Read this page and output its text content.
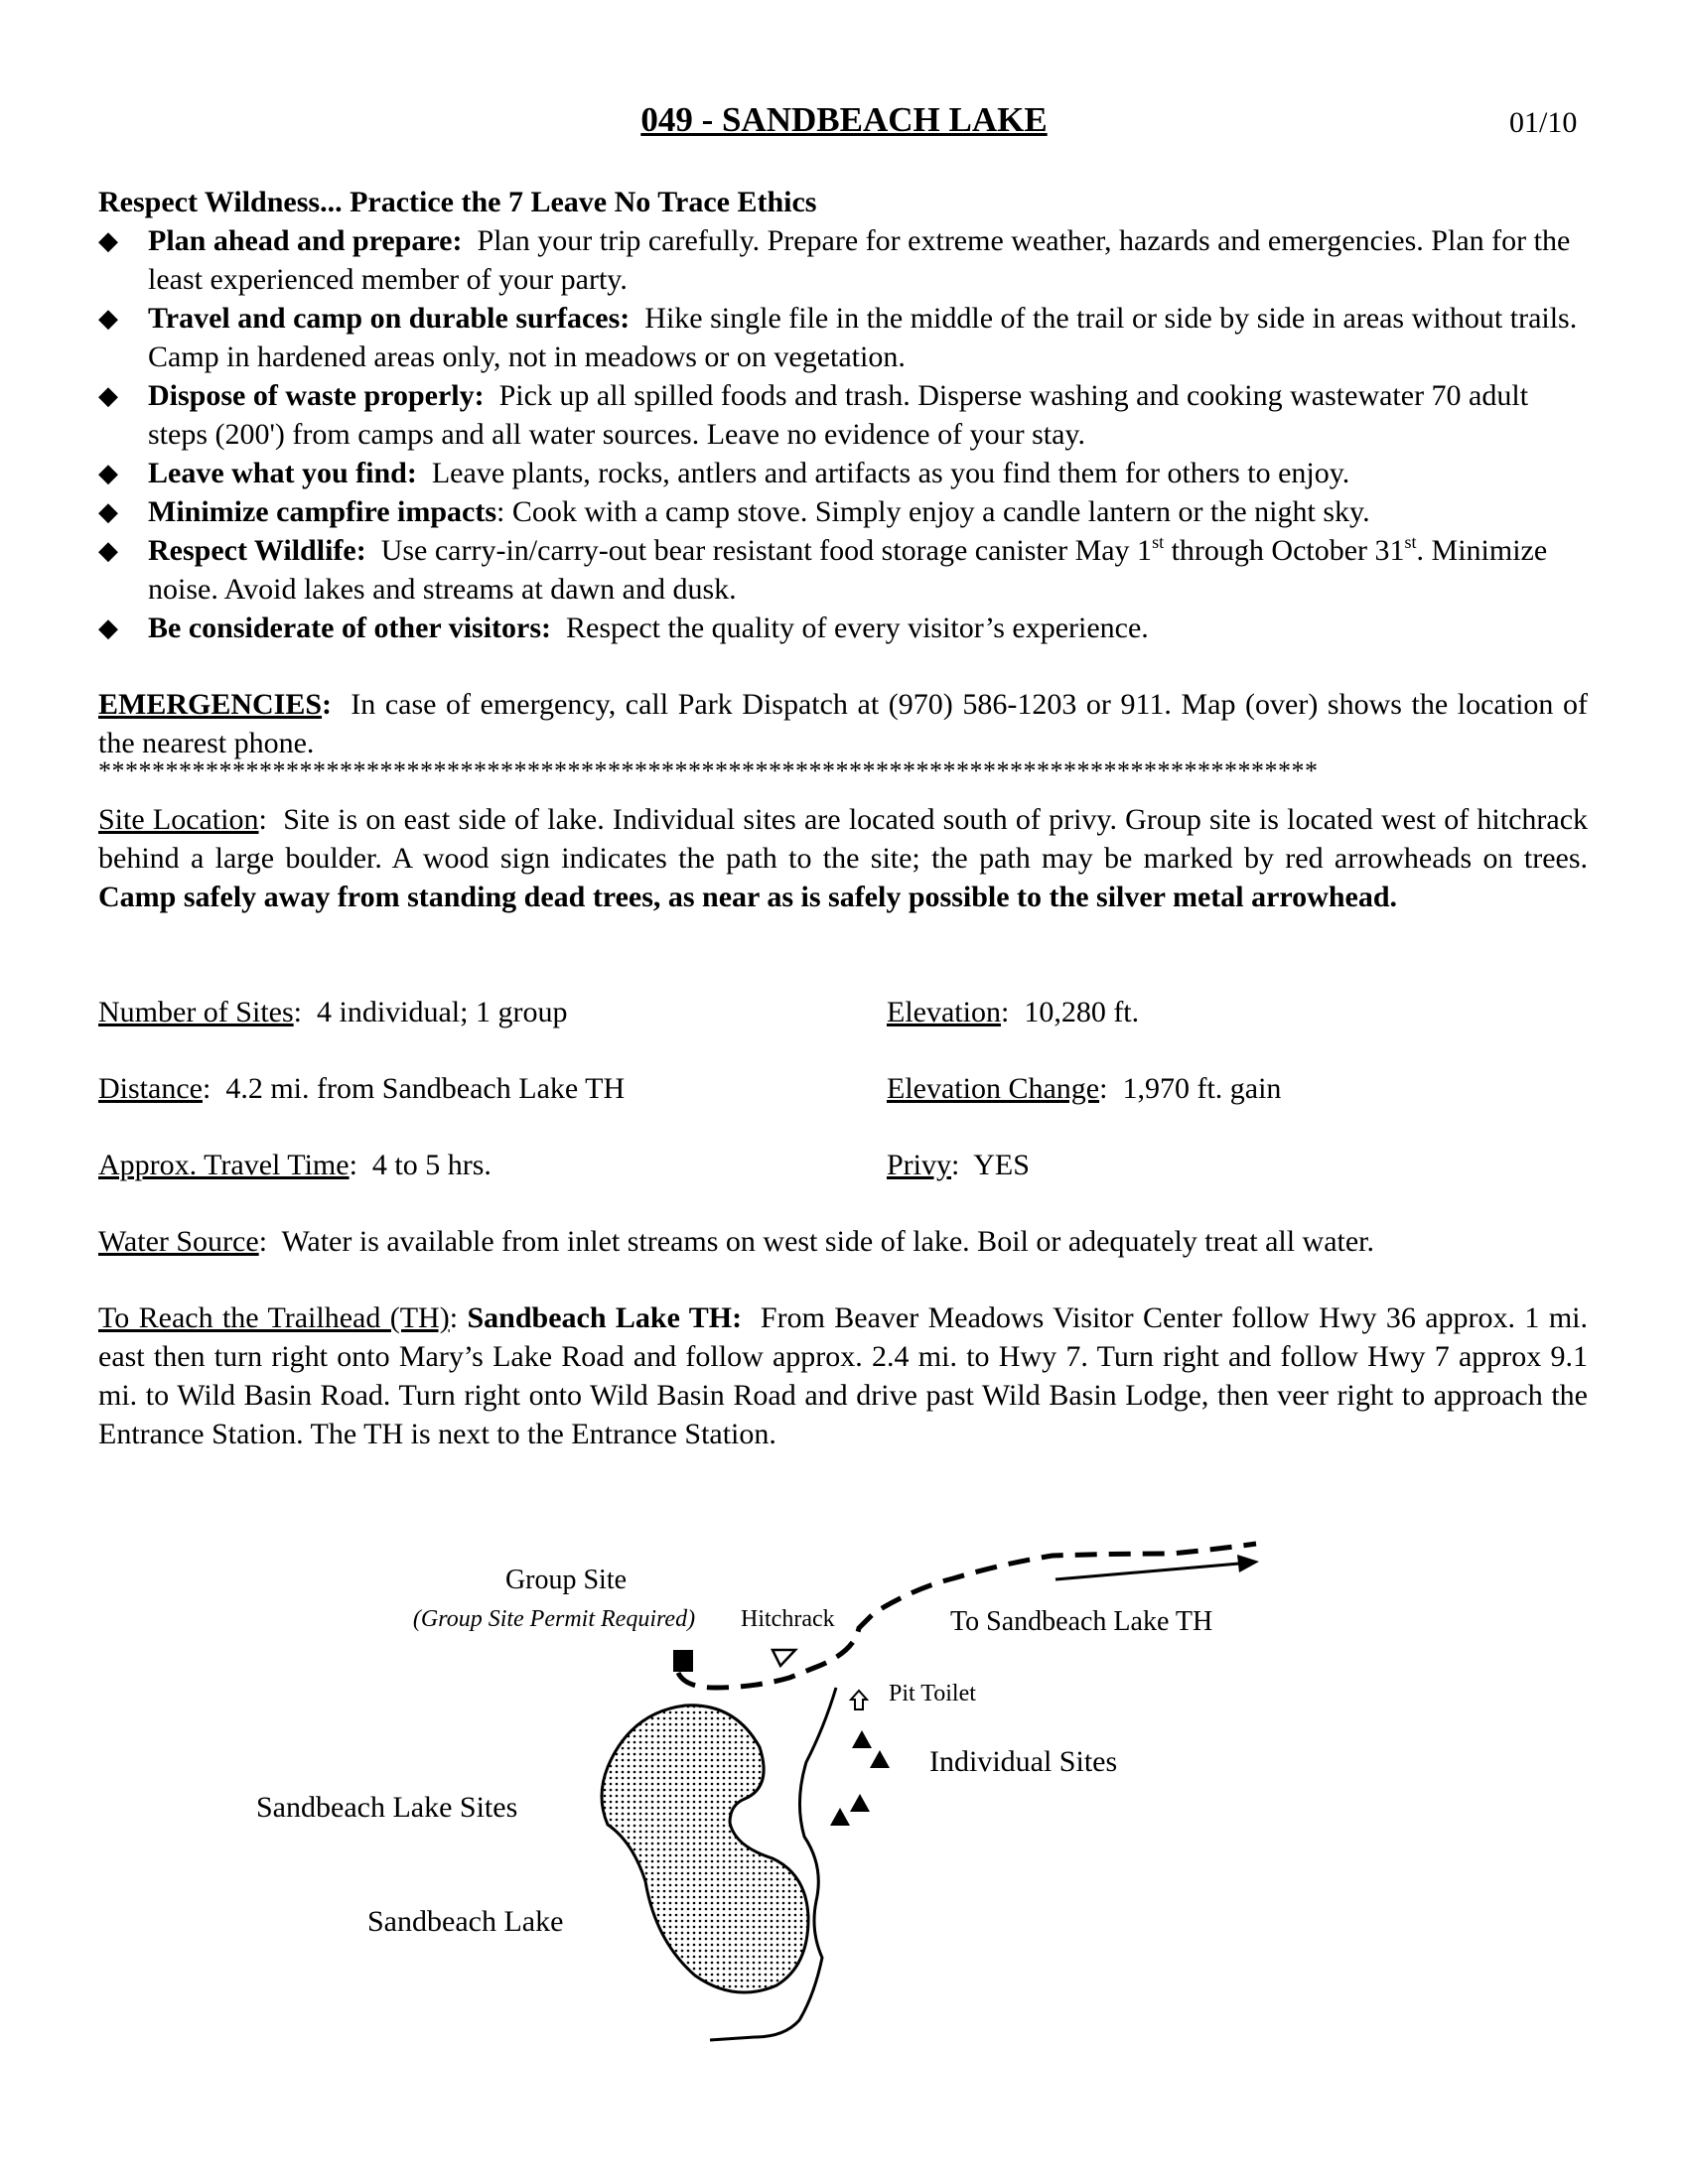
049 - SANDBEACH LAKE	01/10
Respect Wildness... Practice the 7 Leave No Trace Ethics
◆ Plan ahead and prepare: Plan your trip carefully. Prepare for extreme weather, hazards and emergencies. Plan for the least experienced member of your party.
◆ Travel and camp on durable surfaces: Hike single file in the middle of the trail or side by side in areas without trails. Camp in hardened areas only, not in meadows or on vegetation.
◆ Dispose of waste properly: Pick up all spilled foods and trash. Disperse washing and cooking wastewater 70 adult steps (200') from camps and all water sources. Leave no evidence of your stay.
◆ Leave what you find: Leave plants, rocks, antlers and artifacts as you find them for others to enjoy.
◆ Minimize campfire impacts: Cook with a camp stove. Simply enjoy a candle lantern or the night sky.
◆ Respect Wildlife: Use carry-in/carry-out bear resistant food storage canister May 1st through October 31st. Minimize noise. Avoid lakes and streams at dawn and dusk.
◆ Be considerate of other visitors: Respect the quality of every visitor’s experience.
EMERGENCIES: In case of emergency, call Park Dispatch at (970) 586-1203 or 911. Map (over) shows the location of the nearest phone.
*******************************************************************************************
Site Location:  Site is on east side of lake. Individual sites are located south of privy. Group site is located west of hitchrack behind a large boulder. A wood sign indicates the path to the site; the path may be marked by red arrowheads on trees. Camp safely away from standing dead trees, as near as is safely possible to the silver metal arrowhead.
Number of Sites:  4 individual; 1 group	Elevation:  10,280 ft.
Distance:  4.2 mi. from Sandbeach Lake TH	Elevation Change:  1,970 ft. gain
Approx. Travel Time:  4 to 5 hrs.	Privy:  YES
Water Source:  Water is available from inlet streams on west side of lake. Boil or adequately treat all water.
To Reach the Trailhead (TH): Sandbeach Lake TH: From Beaver Meadows Visitor Center follow Hwy 36 approx. 1 mi. east then turn right onto Mary’s Lake Road and follow approx. 2.4 mi. to Hwy 7. Turn right and follow Hwy 7 approx 9.1 mi. to Wild Basin Road. Turn right onto Wild Basin Road and drive past Wild Basin Lodge, then veer right to approach the Entrance Station. The TH is next to the Entrance Station.
Group Site
(Group Site Permit Required) Hitchrack	To Sandbeach Lake TH
Pit Toilet
Individual Sites
Sandbeach Lake Sites
Sandbeach Lake
